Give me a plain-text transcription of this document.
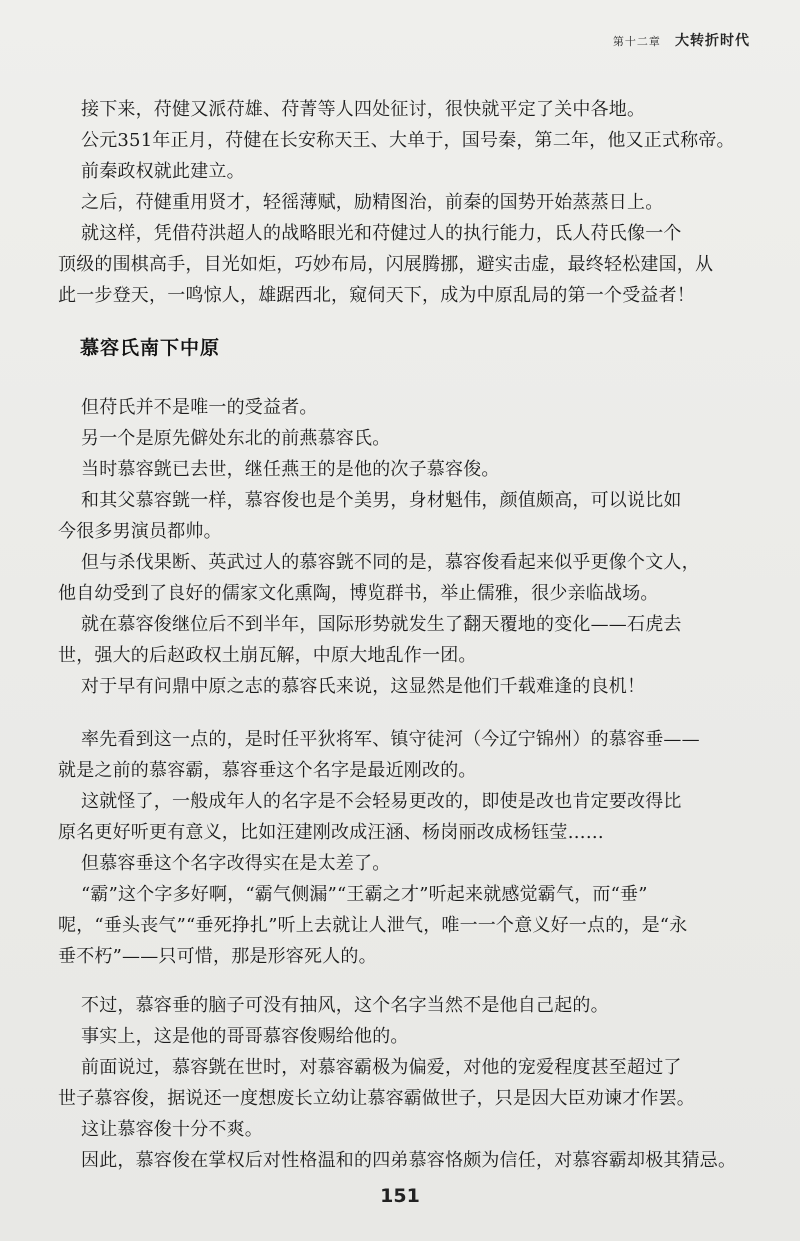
第十二章 大转折时代
接下来，苻健又派苻雄、苻菁等人四处征讨，很快就平定了关中各地。
公元351年正月，苻健在长安称天王、大单于，国号秦，第二年，他又正式称帝。
前秦政权就此建立。
之后，苻健重用贤才，轻徭薄赋，励精图治，前秦的国势开始蒸蒸日上。
就这样，凭借苻洪超人的战略眼光和苻健过人的执行能力，氐人苻氏像一个
顶级的围棋高手，目光如炬，巧妙布局，闪展腾挪，避实击虚，最终轻松建国，从
此一步登天，一鸣惊人，雄踞西北，窥伺天下，成为中原乱局的第一个受益者！
慕容氏南下中原
但苻氏并不是唯一的受益者。
另一个是原先僻处东北的前燕慕容氏。
当时慕容皝已去世，继任燕王的是他的次子慕容俊。
和其父慕容皝一样，慕容俊也是个美男，身材魁伟，颜值颇高，可以说比如
今很多男演员都帅。
但与杀伐果断、英武过人的慕容皝不同的是，慕容俊看起来似乎更像个文人，
他自幼受到了良好的儒家文化熏陶，博览群书，举止儒雅，很少亲临战场。
就在慕容俊继位后不到半年，国际形势就发生了翻天覆地的变化——石虎去
世，强大的后赵政权土崩瓦解，中原大地乱作一团。
对于早有问鼎中原之志的慕容氏来说，这显然是他们千载难逢的良机！
率先看到这一点的，是时任平狄将军、镇守徒河（今辽宁锦州）的慕容垂——
就是之前的慕容霸，慕容垂这个名字是最近刚改的。
这就怪了，一般成年人的名字是不会轻易更改的，即使是改也肯定要改得比
原名更好听更有意义，比如汪建刚改成汪涵、杨岗丽改成杨钰莹……
但慕容垂这个名字改得实在是太差了。
“霸”这个字多好啊，“霸气侧漏”“王霸之才”听起来就感觉霸气，而“垂”
呢，“垂头丧气”“垂死挣扎”听上去就让人泄气，唯一一个意义好一点的，是“永
垂不朽”——只可惜，那是形容死人的。
不过，慕容垂的脑子可没有抽风，这个名字当然不是他自己起的。
事实上，这是他的哥哥慕容俊赐给他的。
前面说过，慕容皝在世时，对慕容霸极为偏爱，对他的宠爱程度甚至超过了
世子慕容俊，据说还一度想废长立幼让慕容霸做世子，只是因大臣劝谏才作罢。
这让慕容俊十分不爽。
因此，慕容俊在掌权后对性格温和的四弟慕容恪颇为信任，对慕容霸却极其猜忌。
151
